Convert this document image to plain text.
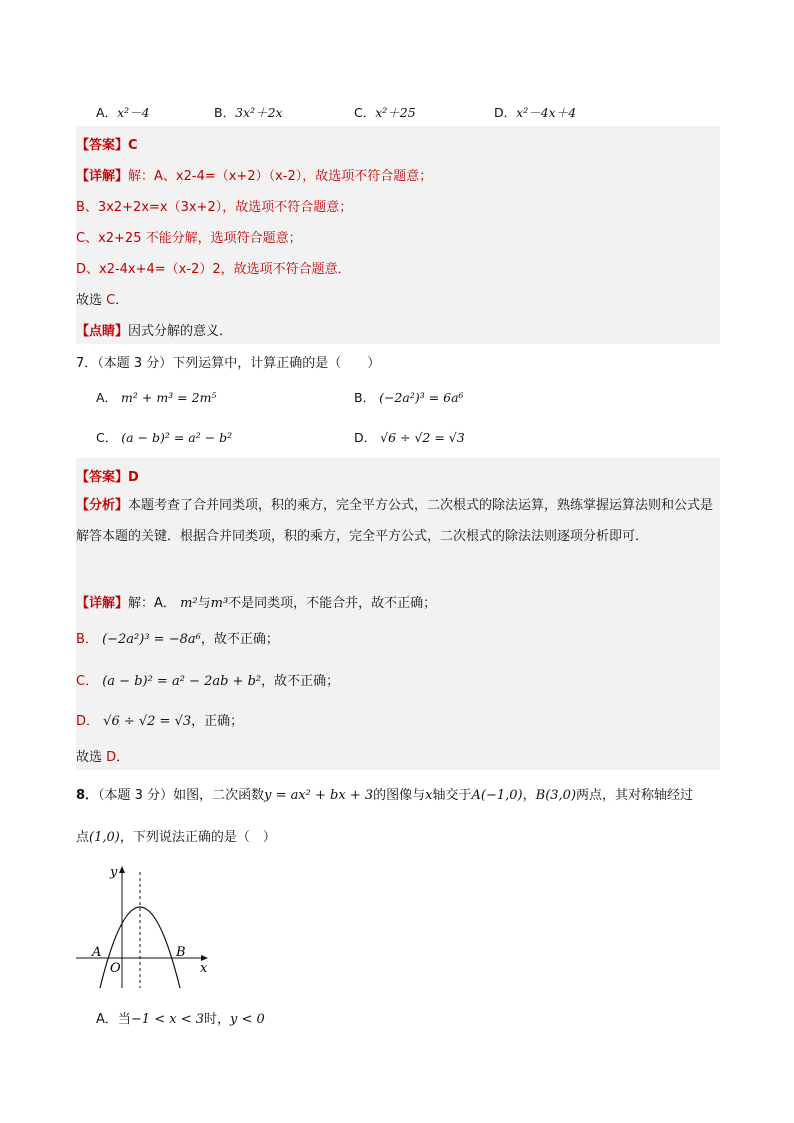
A．x²－4	B．3x²＋2x	C．x²＋25	D．x²－4x＋4
【答案】C
【详解】解：A、x2-4=（x+2）（x-2），故选项不符合题意；
B、3x2+2x=x（3x+2），故选项不符合题意；
C、x2+25 不能分解，选项符合题意；
D、x2-4x+4=（x-2）2，故选项不符合题意．
故选 C．
【点睛】因式分解的意义．
7．（本题 3 分）下列运算中，计算正确的是（　　）
A． m² + m³ = 2m⁵	B． (−2a²)³ = 6a⁶
C． (a − b)² = a² − b²	D． √6 ÷ √2 = √3
【答案】D
【分析】本题考查了合并同类项，积的乘方，完全平方公式，二次根式的除法运算，熟练掌握运算法则和公式是解答本题的关键．根据合并同类项，积的乘方，完全平方公式，二次根式的除法法则逐项分析即可．
【详解】解：A． m²与m³不是同类项，不能合并，故不正确；
B． (−2a²)³ = −8a⁶，故不正确；
C． (a − b)² = a² − 2ab + b²，故不正确；
D． √6 ÷ √2 = √3，正确；
故选 D．
8．（本题 3 分）如图，二次函数y = ax² + bx + 3的图像与x轴交于A(−1,0)，B(3,0)两点，其对称轴经过
点(1,0)，下列说法正确的是（　）
y
x
A
O
B
A．当−1 < x < 3时，y < 0
